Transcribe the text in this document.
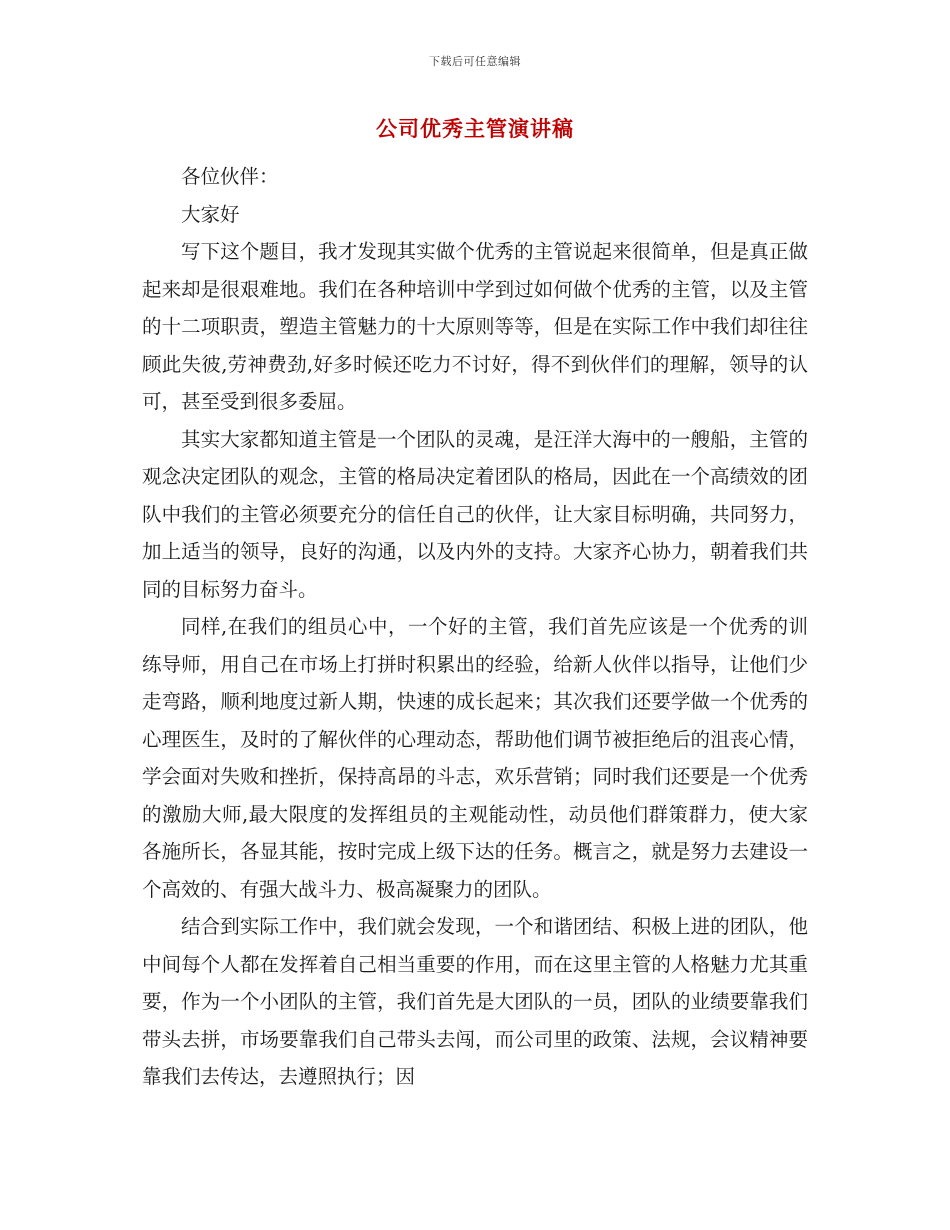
下载后可任意编辑
公司优秀主管演讲稿

各位伙伴：

大家好

写下这个题目，我才发现其实做个优秀的主管说起来很简单，但是真正做起来却是很艰难地。我们在各种培训中学到过如何做个优秀的主管，以及主管的十二项职责，塑造主管魅力的十大原则等等，但是在实际工作中我们却往往顾此失彼,劳神费劲,好多时候还吃力不讨好，得不到伙伴们的理解，领导的认可，甚至受到很多委屈。

其实大家都知道主管是一个团队的灵魂，是汪洋大海中的一艘船，主管的观念决定团队的观念，主管的格局决定着团队的格局，因此在一个高绩效的团队中我们的主管必须要充分的信任自己的伙伴，让大家目标明确，共同努力，加上适当的领导，良好的沟通，以及内外的支持。大家齐心协力，朝着我们共同的目标努力奋斗。

同样,在我们的组员心中，一个好的主管，我们首先应该是一个优秀的训练导师，用自己在市场上打拼时积累出的经验，给新人伙伴以指导，让他们少走弯路，顺利地度过新人期，快速的成长起来；其次我们还要学做一个优秀的心理医生，及时的了解伙伴的心理动态，帮助他们调节被拒绝后的沮丧心情，学会面对失败和挫折，保持高昂的斗志，欢乐营销；同时我们还要是一个优秀的激励大师,最大限度的发挥组员的主观能动性，动员他们群策群力，使大家各施所长，各显其能，按时完成上级下达的任务。概言之，就是努力去建设一个高效的、有强大战斗力、极高凝聚力的团队。

结合到实际工作中，我们就会发现，一个和谐团结、积极上进的团队，他中间每个人都在发挥着自己相当重要的作用，而在这里主管的人格魅力尤其重要，作为一个小团队的主管，我们首先是大团队的一员，团队的业绩要靠我们带头去拼，市场要靠我们自己带头去闯，而公司里的政策、法规，会议精神要靠我们去传达，去遵照执行；因
